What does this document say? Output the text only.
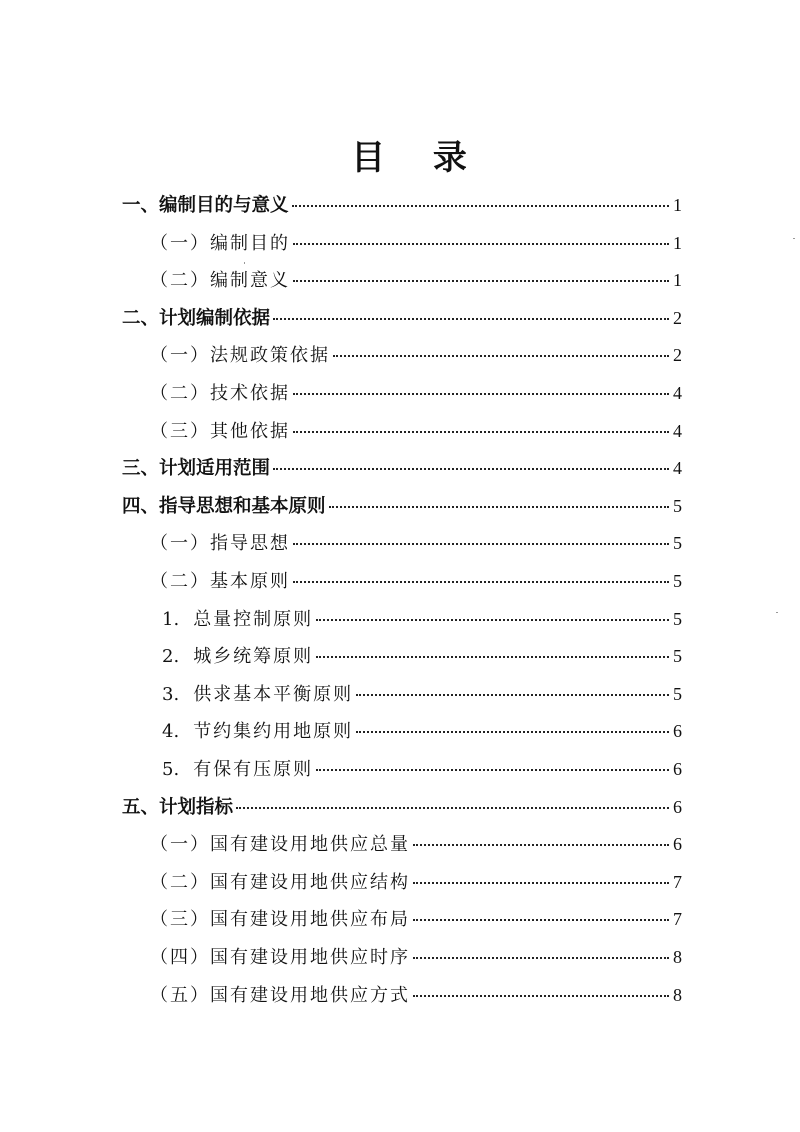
目 录
一、编制目的与意义	1
（一）编制目的	1
（二）编制意义	1
二、计划编制依据	2
（一）法规政策依据	2
（二）技术依据	4
（三）其他依据	4
三、计划适用范围	4
四、指导思想和基本原则	5
（一）指导思想	5
（二）基本原则	5
1. 总量控制原则	5
2. 城乡统筹原则	5
3. 供求基本平衡原则	5
4. 节约集约用地原则	6
5. 有保有压原则	6
五、计划指标	6
（一）国有建设用地供应总量	6
（二）国有建设用地供应结构	7
（三）国有建设用地供应布局	7
（四）国有建设用地供应时序	8
（五）国有建设用地供应方式	8
